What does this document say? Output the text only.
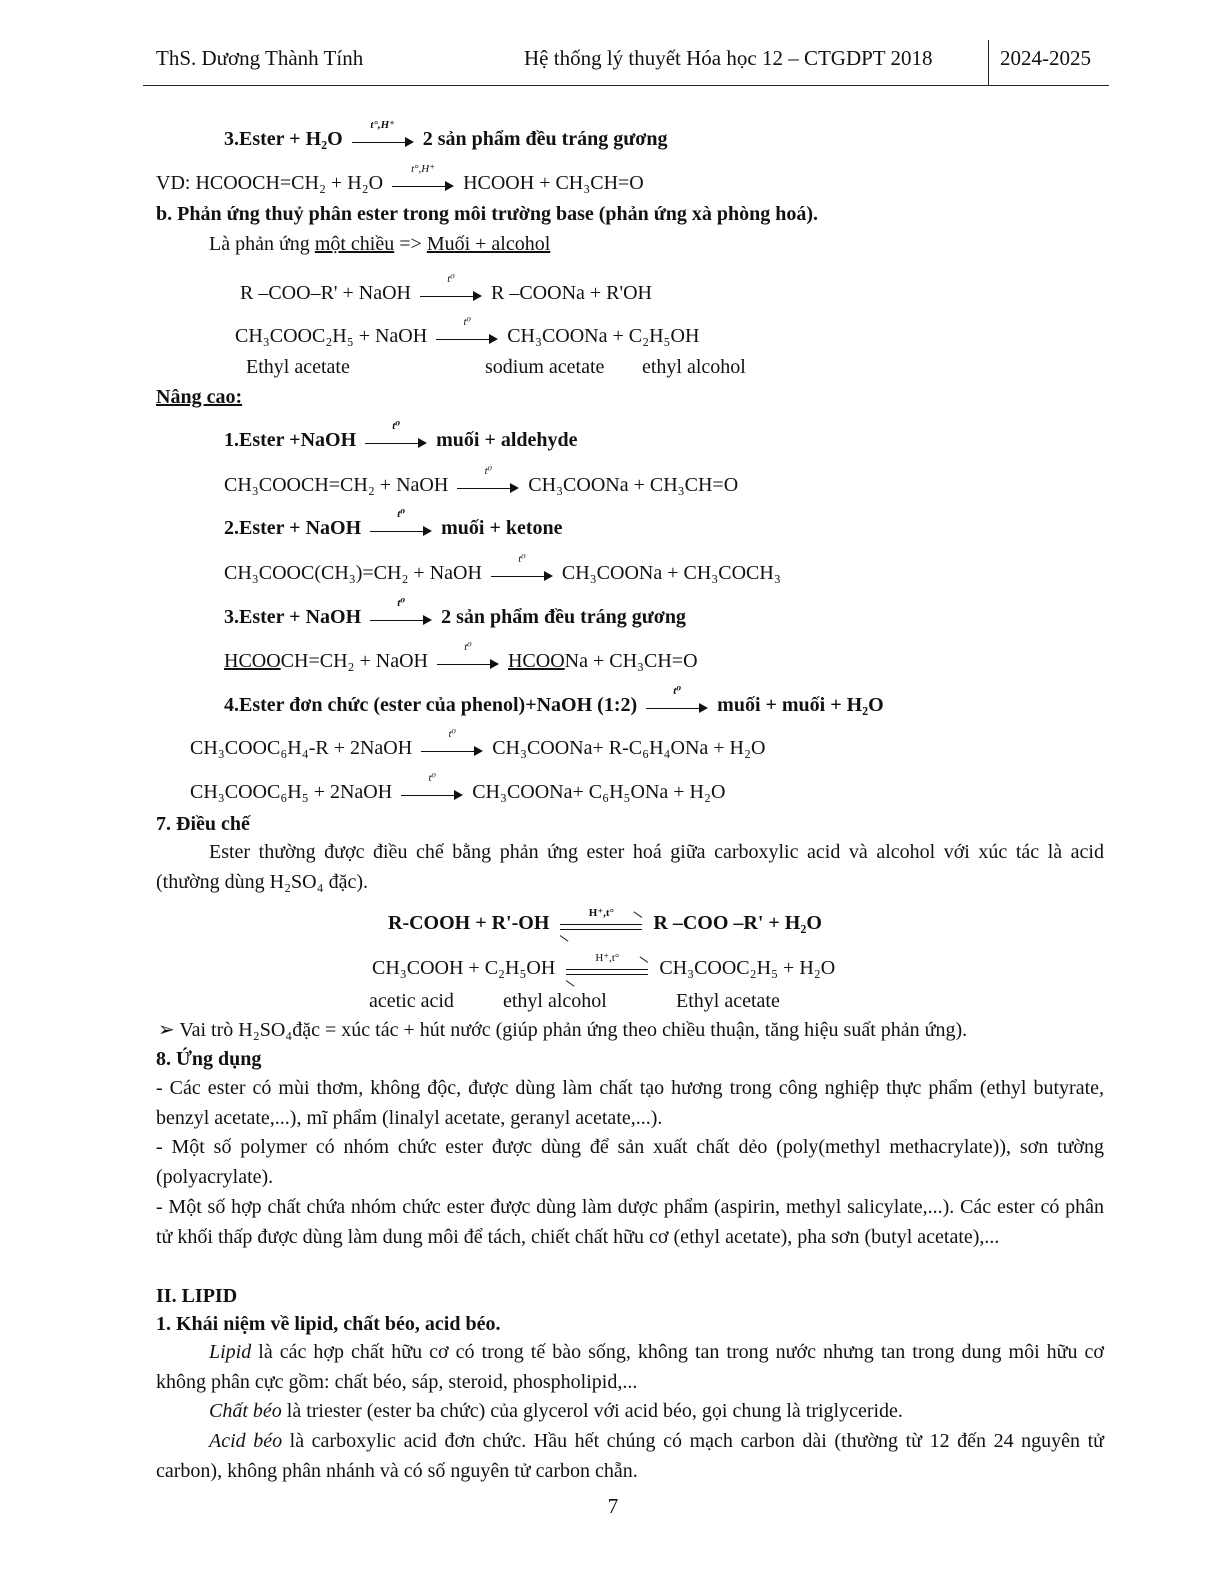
ThS. Dương Thành Tính	Hệ thống lý thuyết Hóa học 12 – CTGDPT 2018	2024-2025
3.Ester + H₂O
t°,H⁺
2 sản phẩm đều tráng gương
VD: HCOOCH=CH₂ + H₂O
t°,H⁺
HCOOH + CH₃CH=O
b. Phản ứng thuỷ phân ester trong môi trường base (phản ứng xà phòng hoá).
Là phản ứng một chiều => Muối + alcohol
R –COO–R' + NaOH
t⁰
R –COONa + R'OH
CH₃COOC₂H₅ + NaOH
t⁰
CH₃COONa + C₂H₅OH
Ethyl acetate	sodium acetate ethyl alcohol
Nâng cao:
1.Ester +NaOH
t⁰
muối + aldehyde
CH₃COOCH=CH₂ + NaOH
t⁰
CH₃COONa + CH₃CH=O
2.Ester + NaOH
t⁰
muối + ketone
CH₃COOC(CH₃)=CH₂ + NaOH
t⁰
CH₃COONa + CH₃COCH₃
3.Ester + NaOH
t⁰
2 sản phẩm đều tráng gương
HCOOCH=CH₂ + NaOH
t⁰
HCOONa + CH₃CH=O
4.Ester đơn chức (ester của phenol)+NaOH (1:2)
t⁰
muối + muối + H₂O
CH₃COOC₆H₄-R + 2NaOH
t⁰
CH₃COONa+ R-C₆H₄ONa + H₂O
CH₃COOC₆H₅ + 2NaOH
t⁰
CH₃COONa+ C₆H₅ONa + H₂O
7. Điều chế
Ester thường được điều chế bằng phản ứng ester hoá giữa carboxylic acid và alcohol với xúc tác là acid (thường dùng H₂SO₄ đặc).
R-COOH + R'-OH	H⁺,t°	R –COO –R' + H₂O
CH₃COOH + C₂H₅OH	H⁺,t°	CH₃COOC₂H₅ + H₂O
acetic acid ethyl alcohol	Ethyl acetate
➢ Vai trò H₂SO₄đặc = xúc tác + hút nước (giúp phản ứng theo chiều thuận, tăng hiệu suất phản ứng).
8. Ứng dụng
- Các ester có mùi thơm, không độc, được dùng làm chất tạo hương trong công nghiệp thực phẩm (ethyl butyrate, benzyl acetate,...), mĩ phẩm (linalyl acetate, geranyl acetate,...).
- Một số polymer có nhóm chức ester được dùng để sản xuất chất dẻo (poly(methyl methacrylate)), sơn tường (polyacrylate).
- Một số hợp chất chứa nhóm chức ester được dùng làm dược phẩm (aspirin, methyl salicylate,...). Các ester có phân tử khối thấp được dùng làm dung môi để tách, chiết chất hữu cơ (ethyl acetate), pha sơn (butyl acetate),...
II. LIPID
1. Khái niệm về lipid, chất béo, acid béo.
Lipid là các hợp chất hữu cơ có trong tế bào sống, không tan trong nước nhưng tan trong dung môi hữu cơ không phân cực gồm: chất béo, sáp, steroid, phospholipid,...
Chất béo là triester (ester ba chức) của glycerol với acid béo, gọi chung là triglyceride.
Acid béo là carboxylic acid đơn chức. Hầu hết chúng có mạch carbon dài (thường từ 12 đến 24 nguyên tử carbon), không phân nhánh và có số nguyên tử carbon chẵn.
7
